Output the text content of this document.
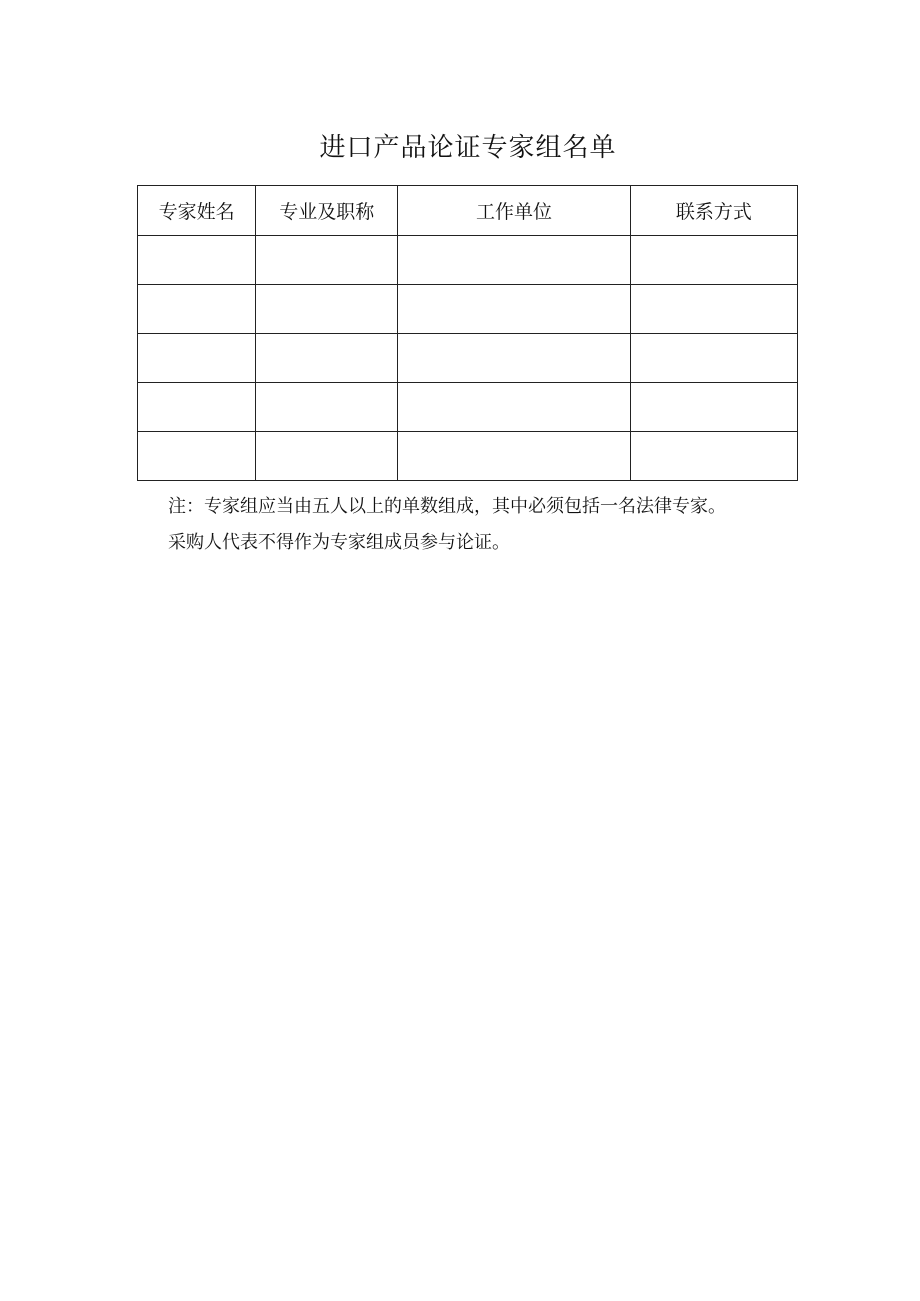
进口产品论证专家组名单
专家姓名	专业及职称	工作单位	联系方式

注：专家组应当由五人以上的单数组成，其中必须包括一名法律专家。

采购人代表不得作为专家组成员参与论证。
